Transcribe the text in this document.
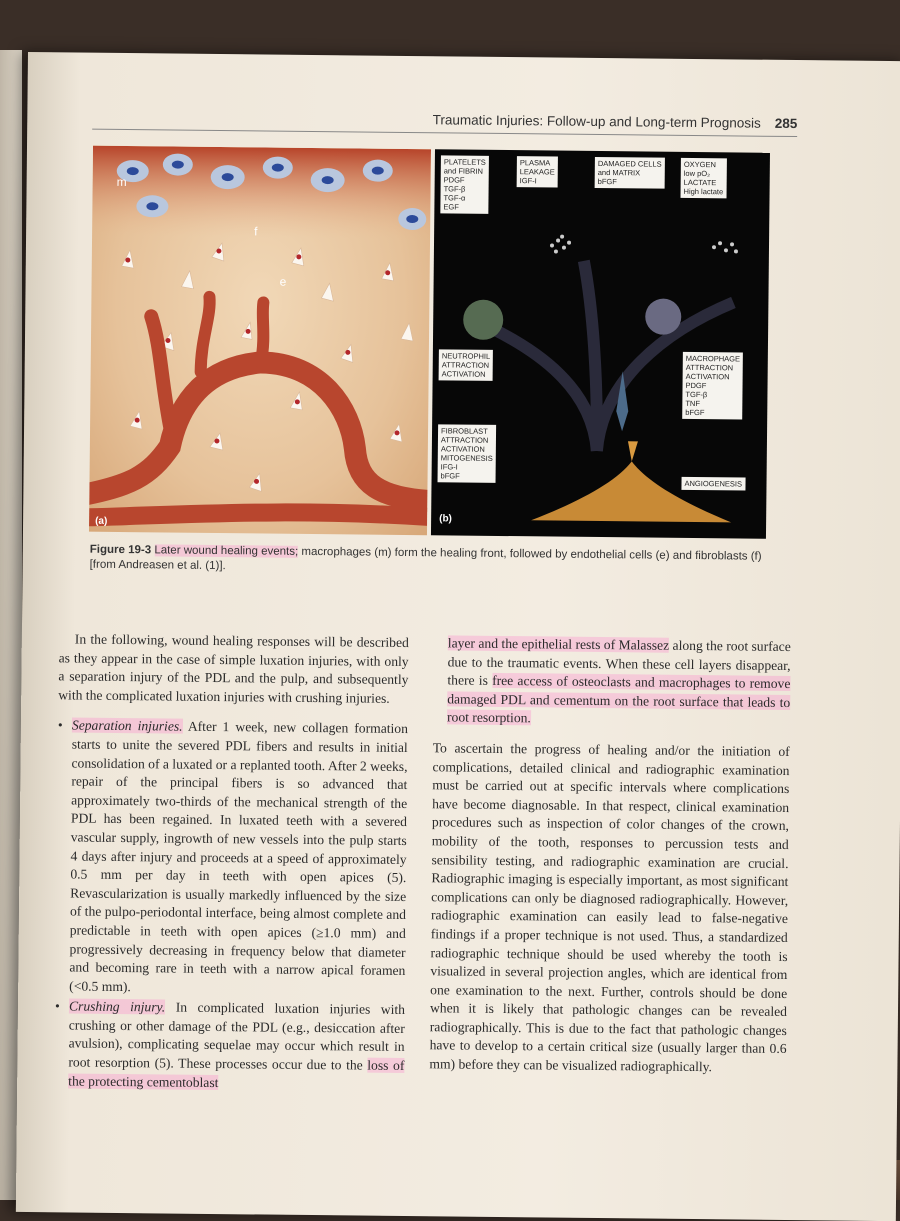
Traumatic Injuries: Follow-up and Long-term Prognosis 285
m
f
e
(a)
PLATELETS
and FIBRIN
PDGF
TGF-β
TGF-α
EGF
PLASMA
LEAKAGE
IGF-I
DAMAGED CELLS
and MATRIX
bFGF
OXYGEN
low pO₂
LACTATE
High lactate
NEUTROPHIL
ATTRACTION
ACTIVATION
MACROPHAGE
ATTRACTION
ACTIVATION
PDGF
TGF-β
TNF
bFGF
FIBROBLAST
ATTRACTION
ACTIVATION
MITOGENESIS
IFG-I
bFGF
ANGIOGENESIS
(b)
Figure 19-3 Later wound healing events; macrophages (m) form the healing front, followed by endothelial cells (e) and fibroblasts (f) [from Andreasen et al. (1)].

In the following, wound healing responses will be described as they appear in the case of simple luxation injuries, with only a separation injury of the PDL and the pulp, and subsequently with the complicated luxation injuries with crushing injuries.

• Separation injuries. After 1 week, new collagen formation starts to unite the severed PDL fibers and results in initial consolidation of a luxated or a replanted tooth. After 2 weeks, repair of the principal fibers is so advanced that approximately two-thirds of the mechanical strength of the PDL has been regained. In luxated teeth with a severed vascular supply, ingrowth of new vessels into the pulp starts 4 days after injury and proceeds at a speed of approximately 0.5 mm per day in teeth with open apices (5). Revascularization is usually markedly influenced by the size of the pulpo-periodontal interface, being almost complete and predictable in teeth with open apices (≥1.0 mm) and progressively decreasing in frequency below that diameter and becoming rare in teeth with a narrow apical foramen (<0.5 mm).
• Crushing injury. In complicated luxation injuries with crushing or other damage of the PDL (e.g., desiccation after avulsion), complicating sequelae may occur which result in root resorption (5). These processes occur due to the loss of the protecting cementoblast

layer and the epithelial rests of Malassez along the root surface due to the traumatic events. When these cell layers disappear, there is free access of osteoclasts and macrophages to remove damaged PDL and cementum on the root surface that leads to root resorption.

To ascertain the progress of healing and/or the initiation of complications, detailed clinical and radiographic examination must be carried out at specific intervals where complications have become diagnosable. In that respect, clinical examination procedures such as inspection of color changes of the crown, mobility of the tooth, responses to percussion tests and sensibility testing, and radiographic examination are crucial. Radiographic imaging is especially important, as most significant complications can only be diagnosed radiographically. However, radiographic examination can easily lead to false-negative findings if a proper technique is not used. Thus, a standardized radiographic technique should be used whereby the tooth is visualized in several projection angles, which are identical from one examination to the next. Further, controls should be done when it is likely that pathologic changes can be revealed radiographically. This is due to the fact that pathologic changes have to develop to a certain critical size (usually larger than 0.6 mm) before they can be visualized radiographically.
